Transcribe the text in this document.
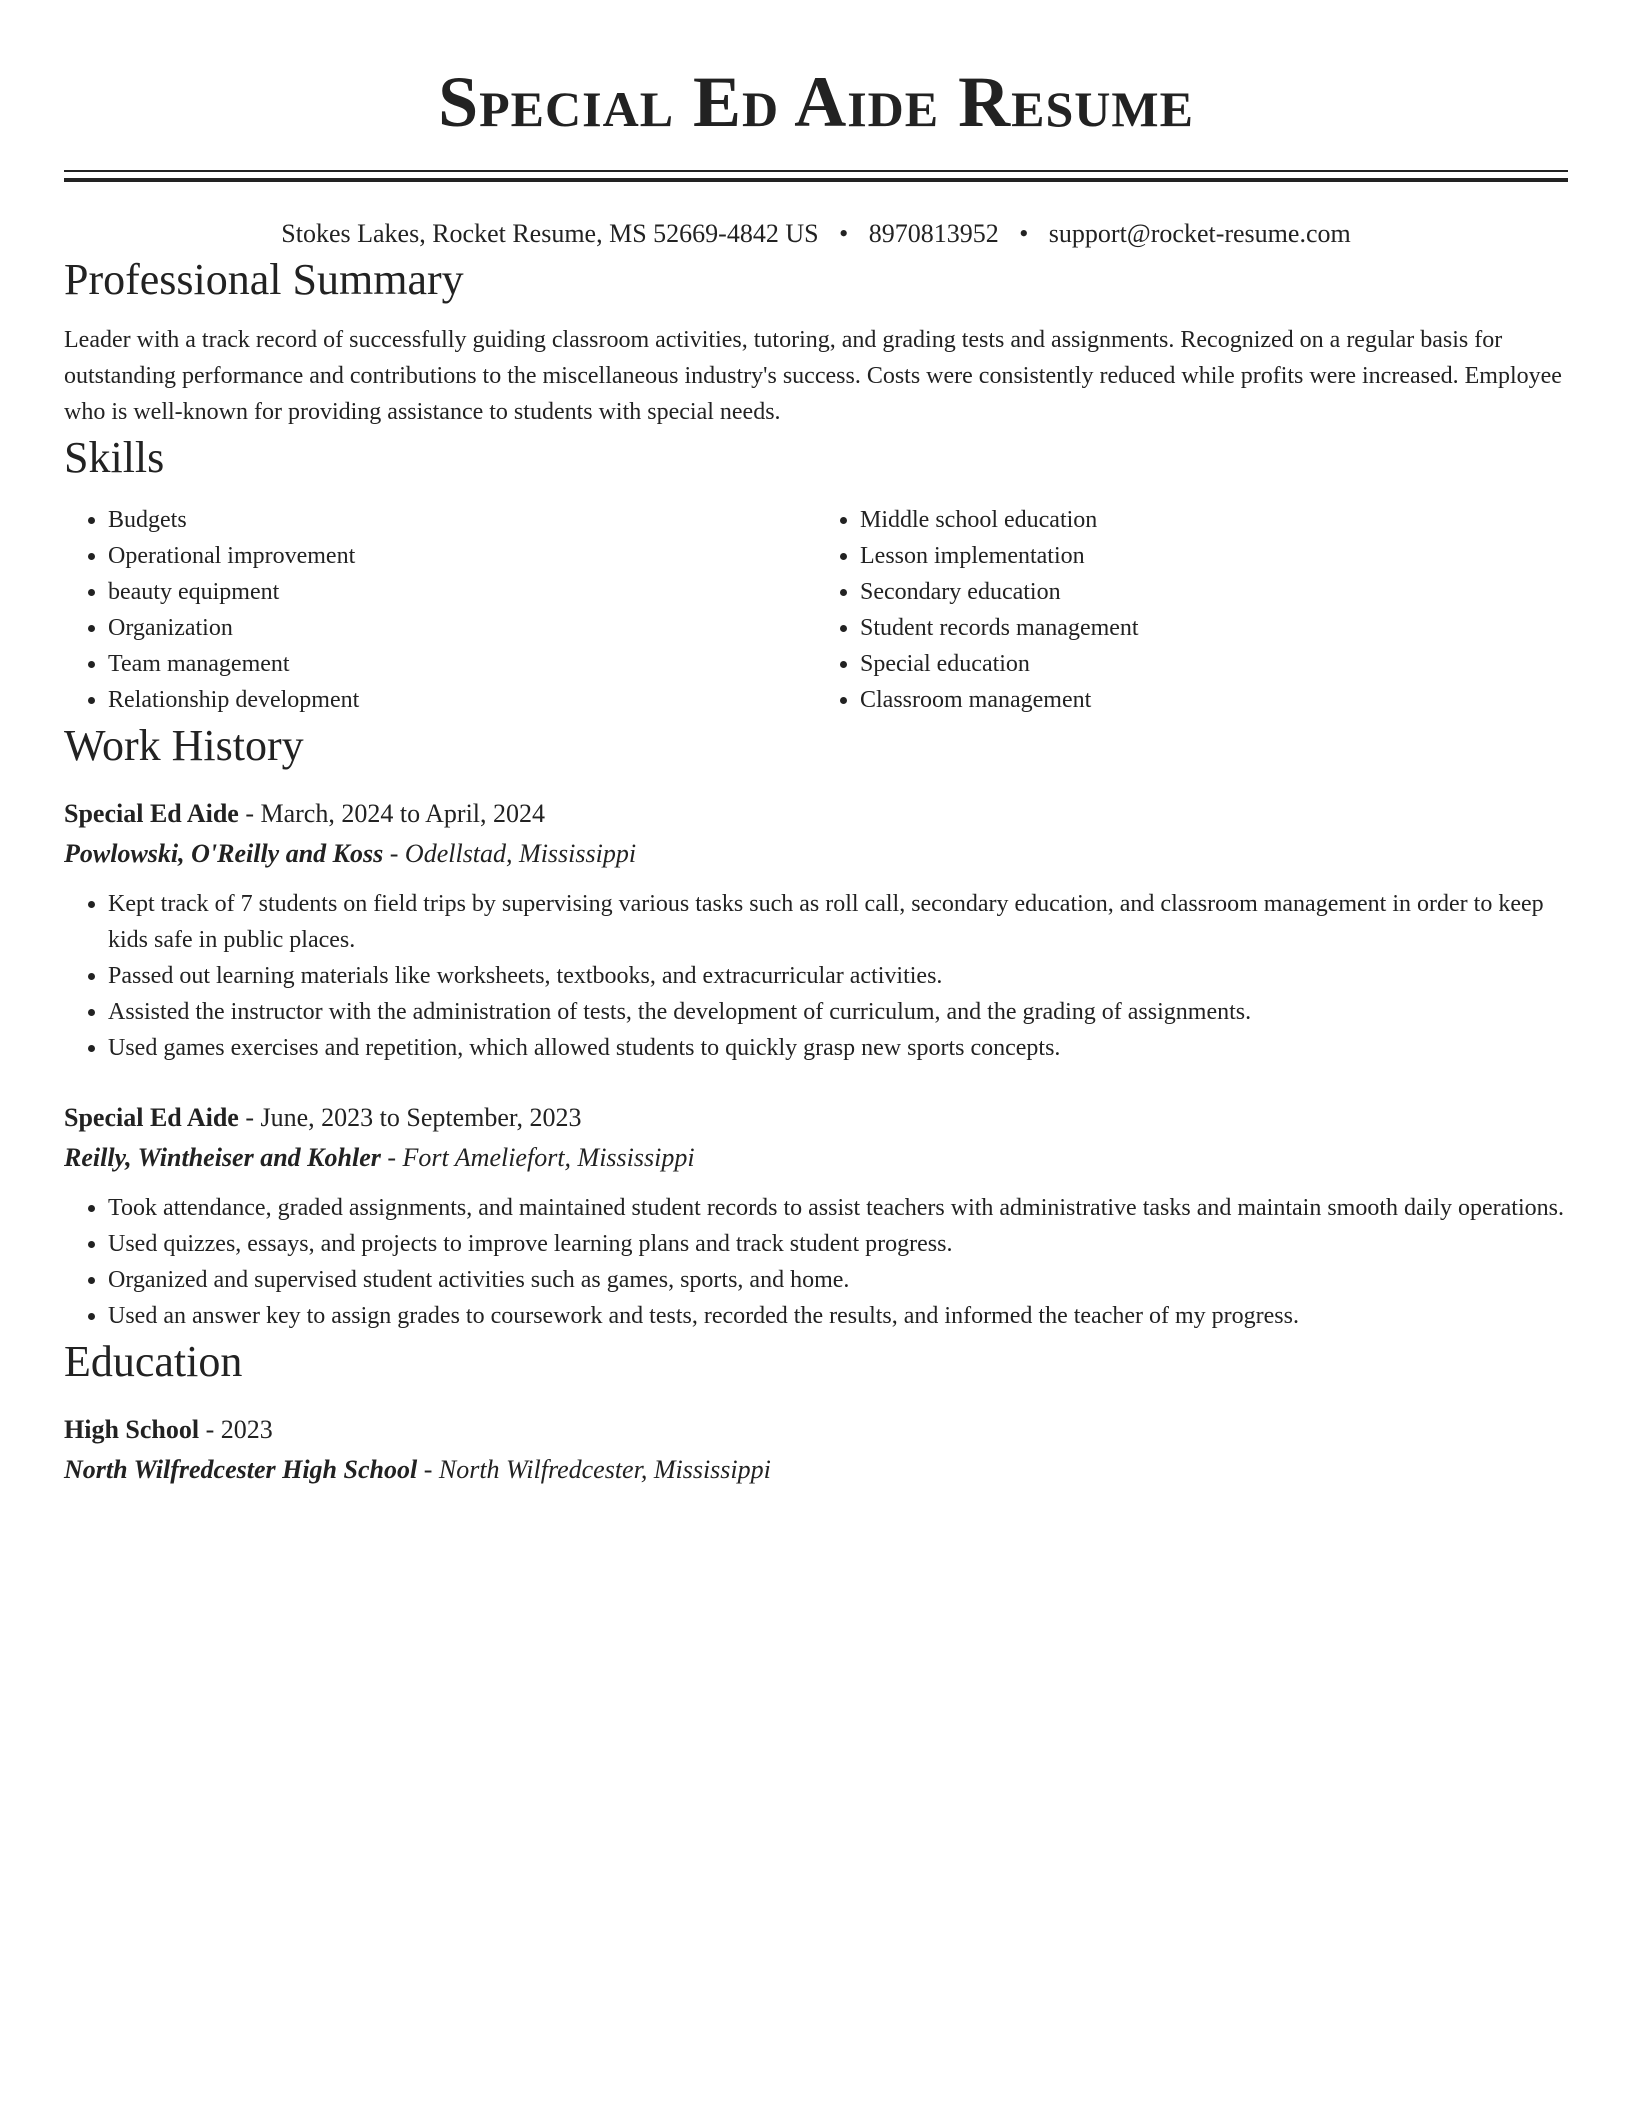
Special Ed Aide Resume
Stokes Lakes, Rocket Resume, MS 52669-4842 US • 8970813952 • support@rocket-resume.com
Professional Summary

Leader with a track record of successfully guiding classroom activities, tutoring, and grading tests and assignments. Recognized on a regular basis for outstanding performance and contributions to the miscellaneous industry's success. Costs were consistently reduced while profits were increased. Employee who is well-known for providing assistance to students with special needs.

Skills
• Budgets
• Operational improvement
• beauty equipment
• Organization
• Team management
• Relationship development
• Middle school education
• Lesson implementation
• Secondary education
• Student records management
• Special education
• Classroom management
Work History
Special Ed Aide - March, 2024 to April, 2024
Powlowski, O'Reilly and Koss - Odellstad, Mississippi
• Kept track of 7 students on field trips by supervising various tasks such as roll call, secondary education, and classroom management in order to keep kids safe in public places.
• Passed out learning materials like worksheets, textbooks, and extracurricular activities.
• Assisted the instructor with the administration of tests, the development of curriculum, and the grading of assignments.
• Used games exercises and repetition, which allowed students to quickly grasp new sports concepts.
Special Ed Aide - June, 2023 to September, 2023
Reilly, Wintheiser and Kohler - Fort Ameliefort, Mississippi
• Took attendance, graded assignments, and maintained student records to assist teachers with administrative tasks and maintain smooth daily operations.
• Used quizzes, essays, and projects to improve learning plans and track student progress.
• Organized and supervised student activities such as games, sports, and home.
• Used an answer key to assign grades to coursework and tests, recorded the results, and informed the teacher of my progress.
Education
High School - 2023
North Wilfredcester High School - North Wilfredcester, Mississippi
